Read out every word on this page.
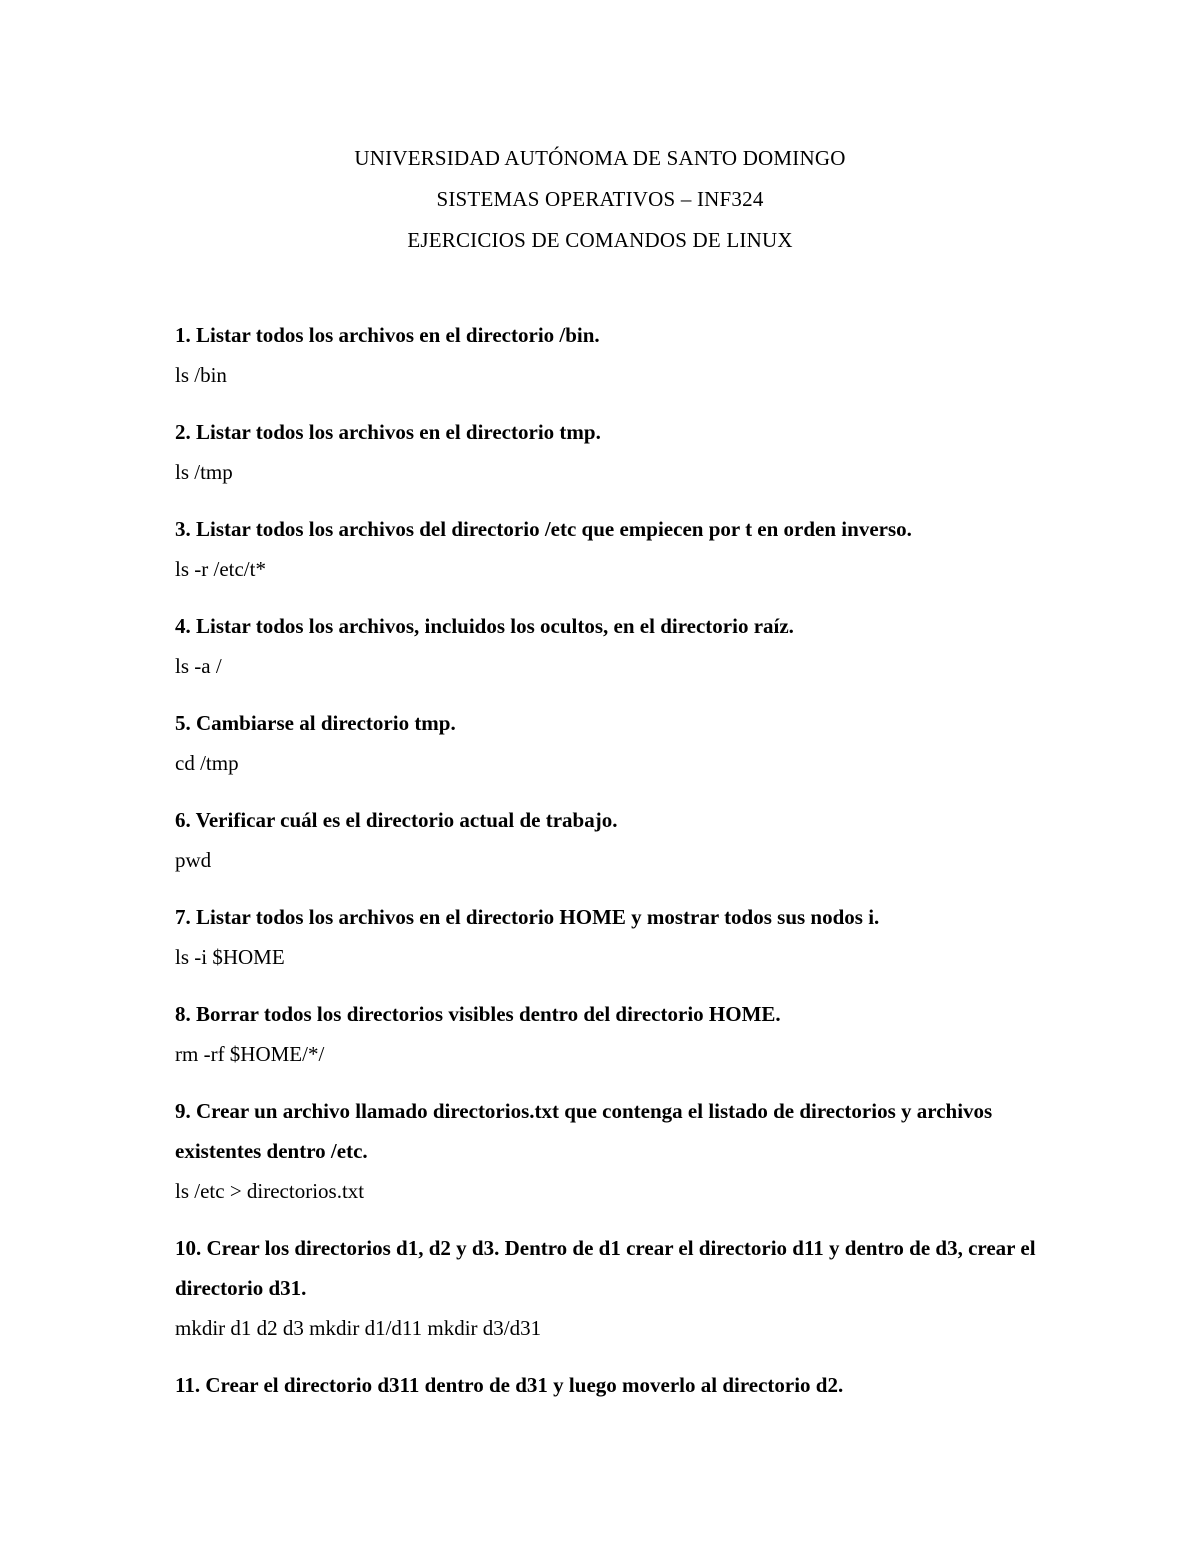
UNIVERSIDAD AUTÓNOMA DE SANTO DOMINGO
SISTEMAS OPERATIVOS – INF324
EJERCICIOS DE COMANDOS DE LINUX
1. Listar todos los archivos en el directorio /bin.
ls /bin
2. Listar todos los archivos en el directorio tmp.
ls /tmp
3. Listar todos los archivos del directorio /etc que empiecen por t en orden inverso.
ls -r /etc/t*
4. Listar todos los archivos, incluidos los ocultos, en el directorio raíz.
ls -a /
5. Cambiarse al directorio tmp.
cd /tmp
6. Verificar cuál es el directorio actual de trabajo.
pwd
7. Listar todos los archivos en el directorio HOME y mostrar todos sus nodos i.
ls -i $HOME
8. Borrar todos los directorios visibles dentro del directorio HOME.
rm -rf $HOME/*/
9. Crear un archivo llamado directorios.txt que contenga el listado de directorios y archivos existentes dentro /etc.
ls /etc > directorios.txt
10. Crear los directorios d1, d2 y d3. Dentro de d1 crear el directorio d11 y dentro de d3, crear el directorio d31.
mkdir d1 d2 d3 mkdir d1/d11 mkdir d3/d31
11. Crear el directorio d311 dentro de d31 y luego moverlo al directorio d2.
